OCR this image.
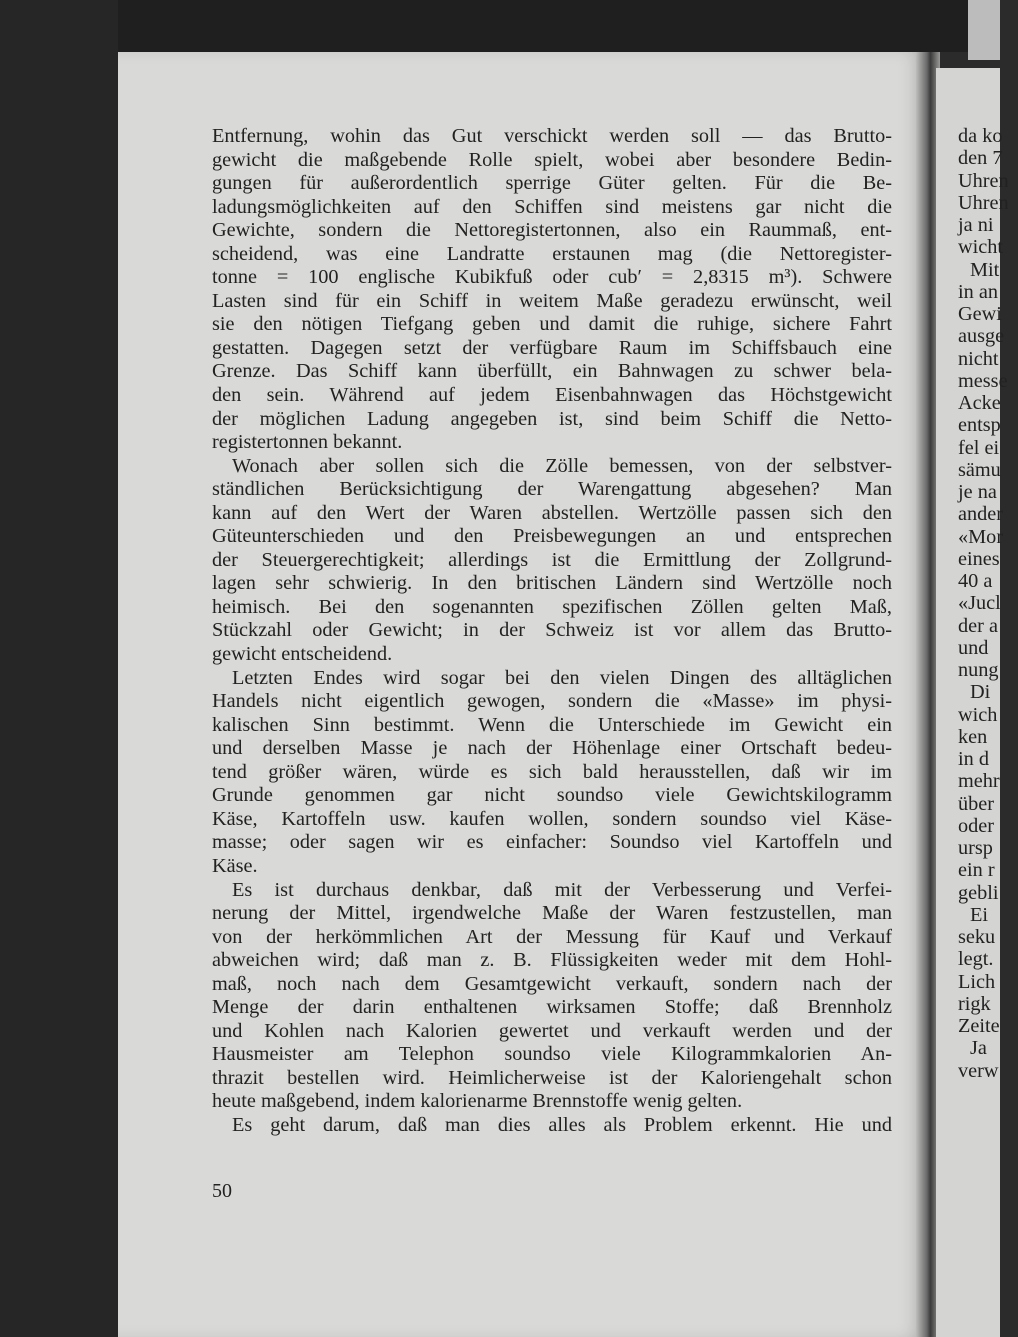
Entfernung, wohin das Gut verschickt werden soll — das Brutto-
gewicht die maßgebende Rolle spielt, wobei aber besondere Bedin-
gungen für außerordentlich sperrige Güter gelten. Für die Be-
ladungsmöglichkeiten auf den Schiffen sind meistens gar nicht die
Gewichte, sondern die Nettoregistertonnen, also ein Raummaß, ent-
scheidend, was eine Landratte erstaunen mag (die Nettoregister-
tonne = 100 englische Kubikfuß oder cub′ = 2,8315 m³). Schwere
Lasten sind für ein Schiff in weitem Maße geradezu erwünscht, weil
sie den nötigen Tiefgang geben und damit die ruhige, sichere Fahrt
gestatten. Dagegen setzt der verfügbare Raum im Schiffsbauch eine
Grenze. Das Schiff kann überfüllt, ein Bahnwagen zu schwer bela-
den sein. Während auf jedem Eisenbahnwagen das Höchstgewicht
der möglichen Ladung angegeben ist, sind beim Schiff die Netto-
registertonnen bekannt.
Wonach aber sollen sich die Zölle bemessen, von der selbstver-
ständlichen Berücksichtigung der Warengattung abgesehen? Man
kann auf den Wert der Waren abstellen. Wertzölle passen sich den
Güteunterschieden und den Preisbewegungen an und entsprechen
der Steuergerechtigkeit; allerdings ist die Ermittlung der Zollgrund-
lagen sehr schwierig. In den britischen Ländern sind Wertzölle noch
heimisch. Bei den sogenannten spezifischen Zöllen gelten Maß,
Stückzahl oder Gewicht; in der Schweiz ist vor allem das Brutto-
gewicht entscheidend.
Letzten Endes wird sogar bei den vielen Dingen des alltäglichen
Handels nicht eigentlich gewogen, sondern die «Masse» im physi-
kalischen Sinn bestimmt. Wenn die Unterschiede im Gewicht ein
und derselben Masse je nach der Höhenlage einer Ortschaft bedeu-
tend größer wären, würde es sich bald herausstellen, daß wir im
Grunde genommen gar nicht soundso viele Gewichtskilogramm
Käse, Kartoffeln usw. kaufen wollen, sondern soundso viel Käse-
masse; oder sagen wir es einfacher: Soundso viel Kartoffeln und
Käse.
Es ist durchaus denkbar, daß mit der Verbesserung und Verfei-
nerung der Mittel, irgendwelche Maße der Waren festzustellen, man
von der herkömmlichen Art der Messung für Kauf und Verkauf
abweichen wird; daß man z. B. Flüssigkeiten weder mit dem Hohl-
maß, noch nach dem Gesamtgewicht verkauft, sondern nach der
Menge der darin enthaltenen wirksamen Stoffe; daß Brennholz
und Kohlen nach Kalorien gewertet und verkauft werden und der
Hausmeister am Telephon soundso viele Kilogrammkalorien An-
thrazit bestellen wird. Heimlicherweise ist der Kaloriengehalt schon
heute maßgebend, indem kalorienarme Brennstoffe wenig gelten.
Es geht darum, daß man dies alles als Problem erkennt. Hie und
50
da ko
den 7
Uhren
Uhren
ja ni
wicht
Mit
in an
Gewi
ausge
nicht
messe
Acke
entsp
fel ei
sämu
je na
ander
«Mor
eines
40 a
«Jucl
der a
und
nung
Di
wich
ken
in d
mehr
über
oder
ursp
ein r
gebli
Ei
seku
legt.
Lich
rigk
Zeite
Ja
verw
